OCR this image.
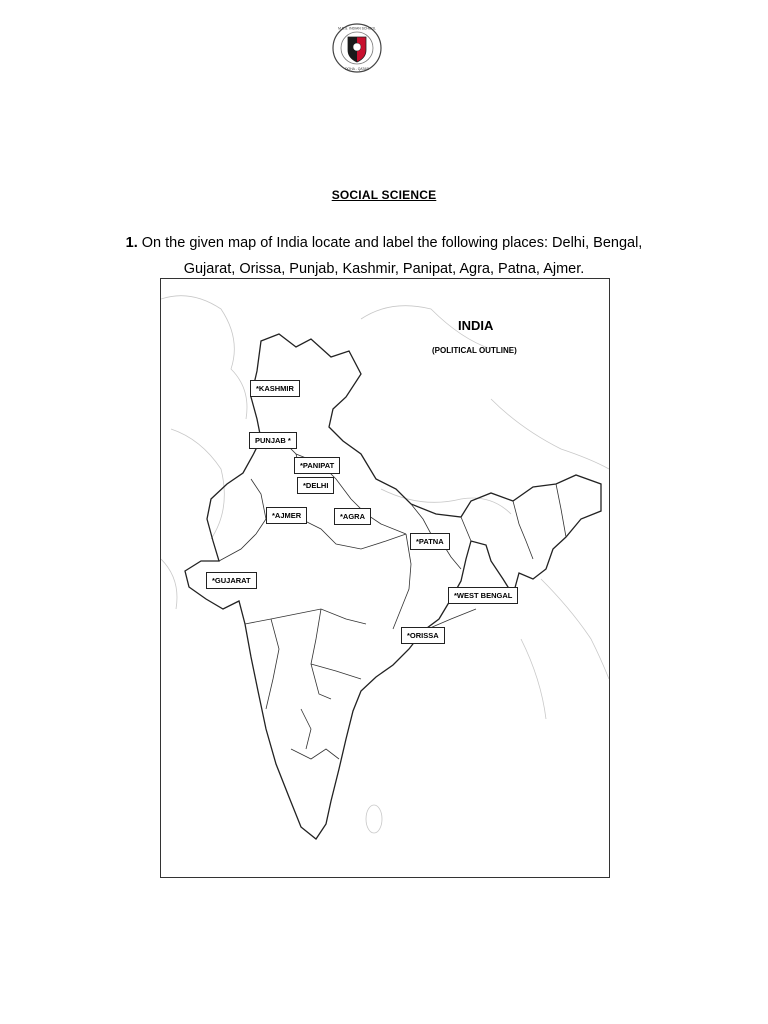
M.E.S. INDIAN SCHOOL
DOHA - QATAR
SOCIAL SCIENCE
1. On the given map of India locate and label the following places: Delhi, Bengal, Gujarat, Orissa, Punjab, Kashmir, Panipat, Agra, Patna, Ajmer.
INDIA
(POLITICAL OUTLINE)
*KASHMIR
PUNJAB *
*PANIPAT
*DELHI
*AJMER	*AGRA
*PATNA
*GUJARAT
*WEST BENGAL
*ORISSA
